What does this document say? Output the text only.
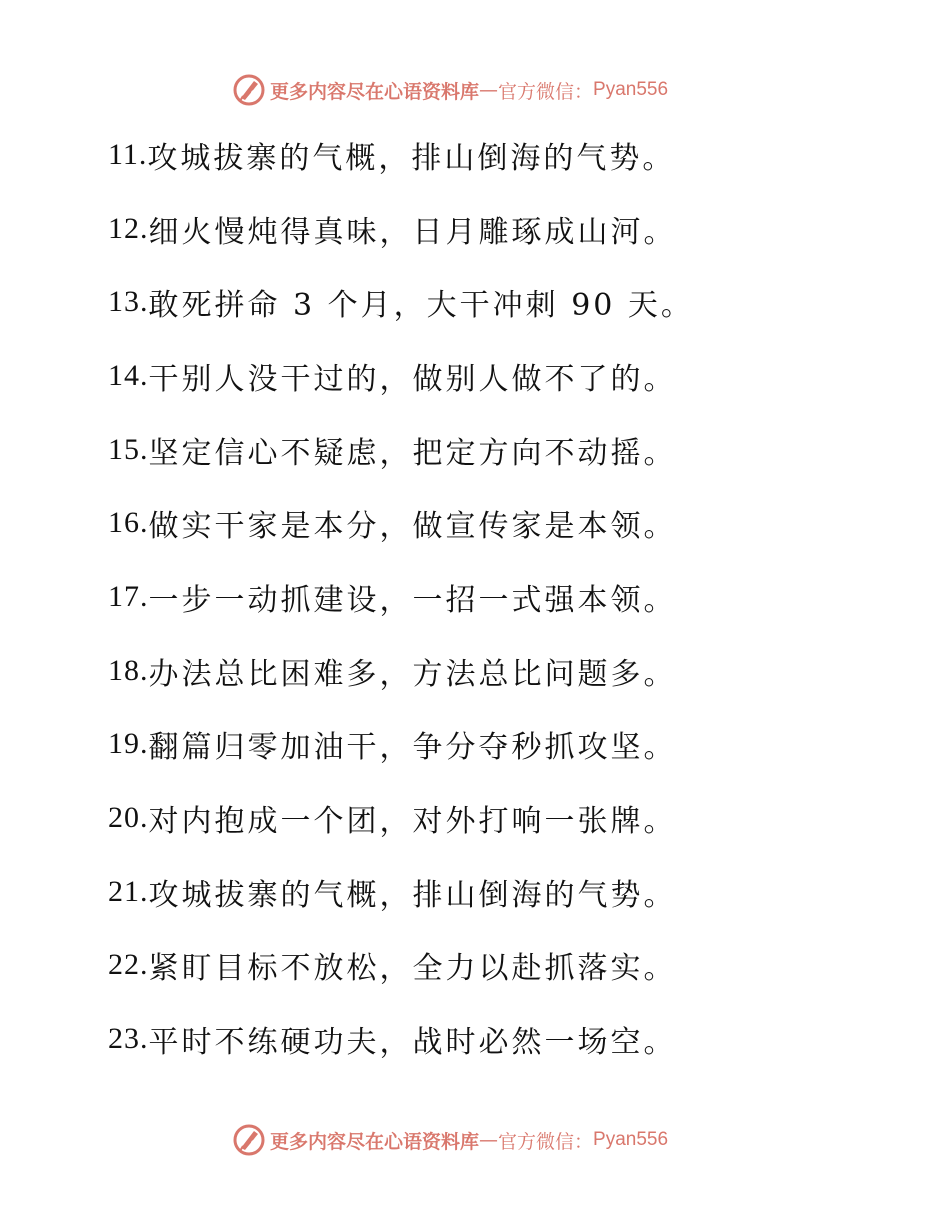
更多内容尽在心语资料库 — 官方微信： Pyan556
11. 攻城拔寨的气概，排山倒海的气势。
12. 细火慢炖得真味，日月雕琢成山河。
13. 敢死拼命 3 个月，大干冲刺 90 天。
14. 干别人没干过的，做别人做不了的。
15. 坚定信心不疑虑，把定方向不动摇。
16. 做实干家是本分，做宣传家是本领。
17. 一步一动抓建设，一招一式强本领。
18. 办法总比困难多，方法总比问题多。
19. 翻篇归零加油干，争分夺秒抓攻坚。
20. 对内抱成一个团，对外打响一张牌。
21. 攻城拔寨的气概，排山倒海的气势。
22. 紧盯目标不放松，全力以赴抓落实。
23. 平时不练硬功夫，战时必然一场空。
更多内容尽在心语资料库 — 官方微信： Pyan556
